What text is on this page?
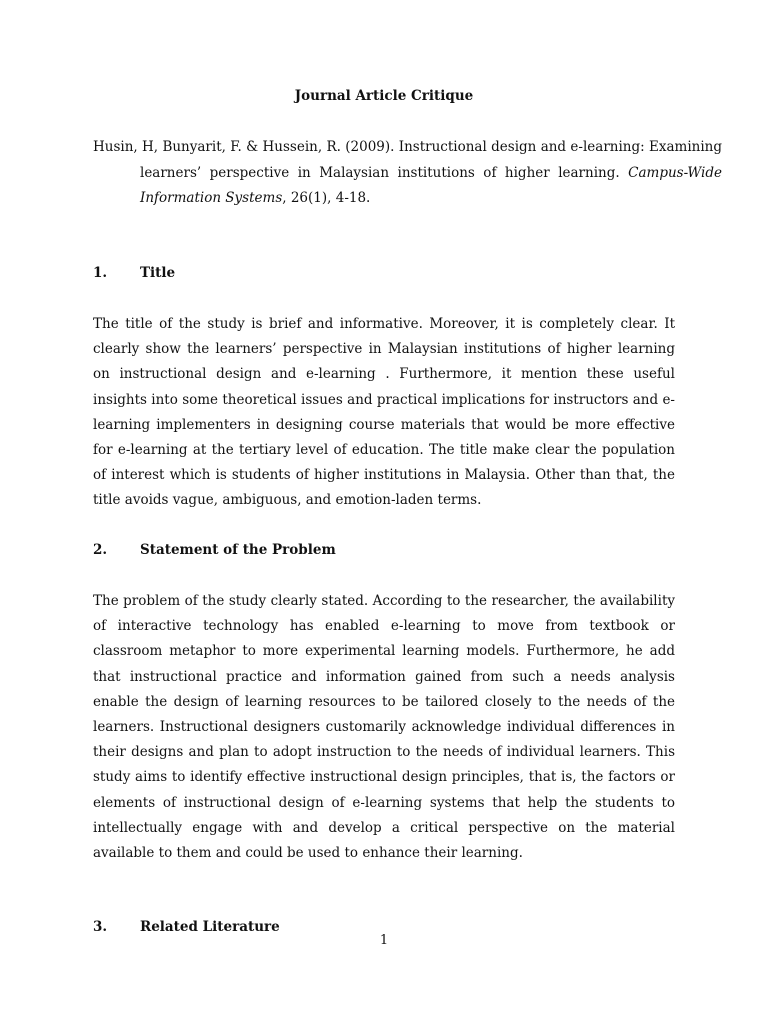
Journal Article Critique
Husin, H, Bunyarit, F. & Hussein, R. (2009). Instructional design and e-learning: Examining learners’ perspective in Malaysian institutions of higher learning. Campus-Wide Information Systems, 26(1), 4-18.
1. Title

The title of the study is brief and informative. Moreover, it is completely clear. It clearly show the learners’ perspective in Malaysian institutions of higher learning on instructional design and e-learning . Furthermore, it mention these useful insights into some theoretical issues and practical implications for instructors and e-learning implementers in designing course materials that would be more effective for e-learning at the tertiary level of education. The title make clear the population of interest which is students of higher institutions in Malaysia. Other than that, the title avoids vague, ambiguous, and emotion-laden terms.

2. Statement of the Problem

The problem of the study clearly stated. According to the researcher, the availability of interactive technology has enabled e-learning to move from textbook or classroom metaphor to more experimental learning models. Furthermore, he add that instructional practice and information gained from such a needs analysis enable the design of learning resources to be tailored closely to the needs of the learners. Instructional designers customarily acknowledge individual differences in their designs and plan to adopt instruction to the needs of individual learners. This study aims to identify effective instructional design principles, that is, the factors or elements of instructional design of e-learning systems that help the students to intellectually engage with and develop a critical perspective on the material available to them and could be used to enhance their learning.

3. Related Literature
1
